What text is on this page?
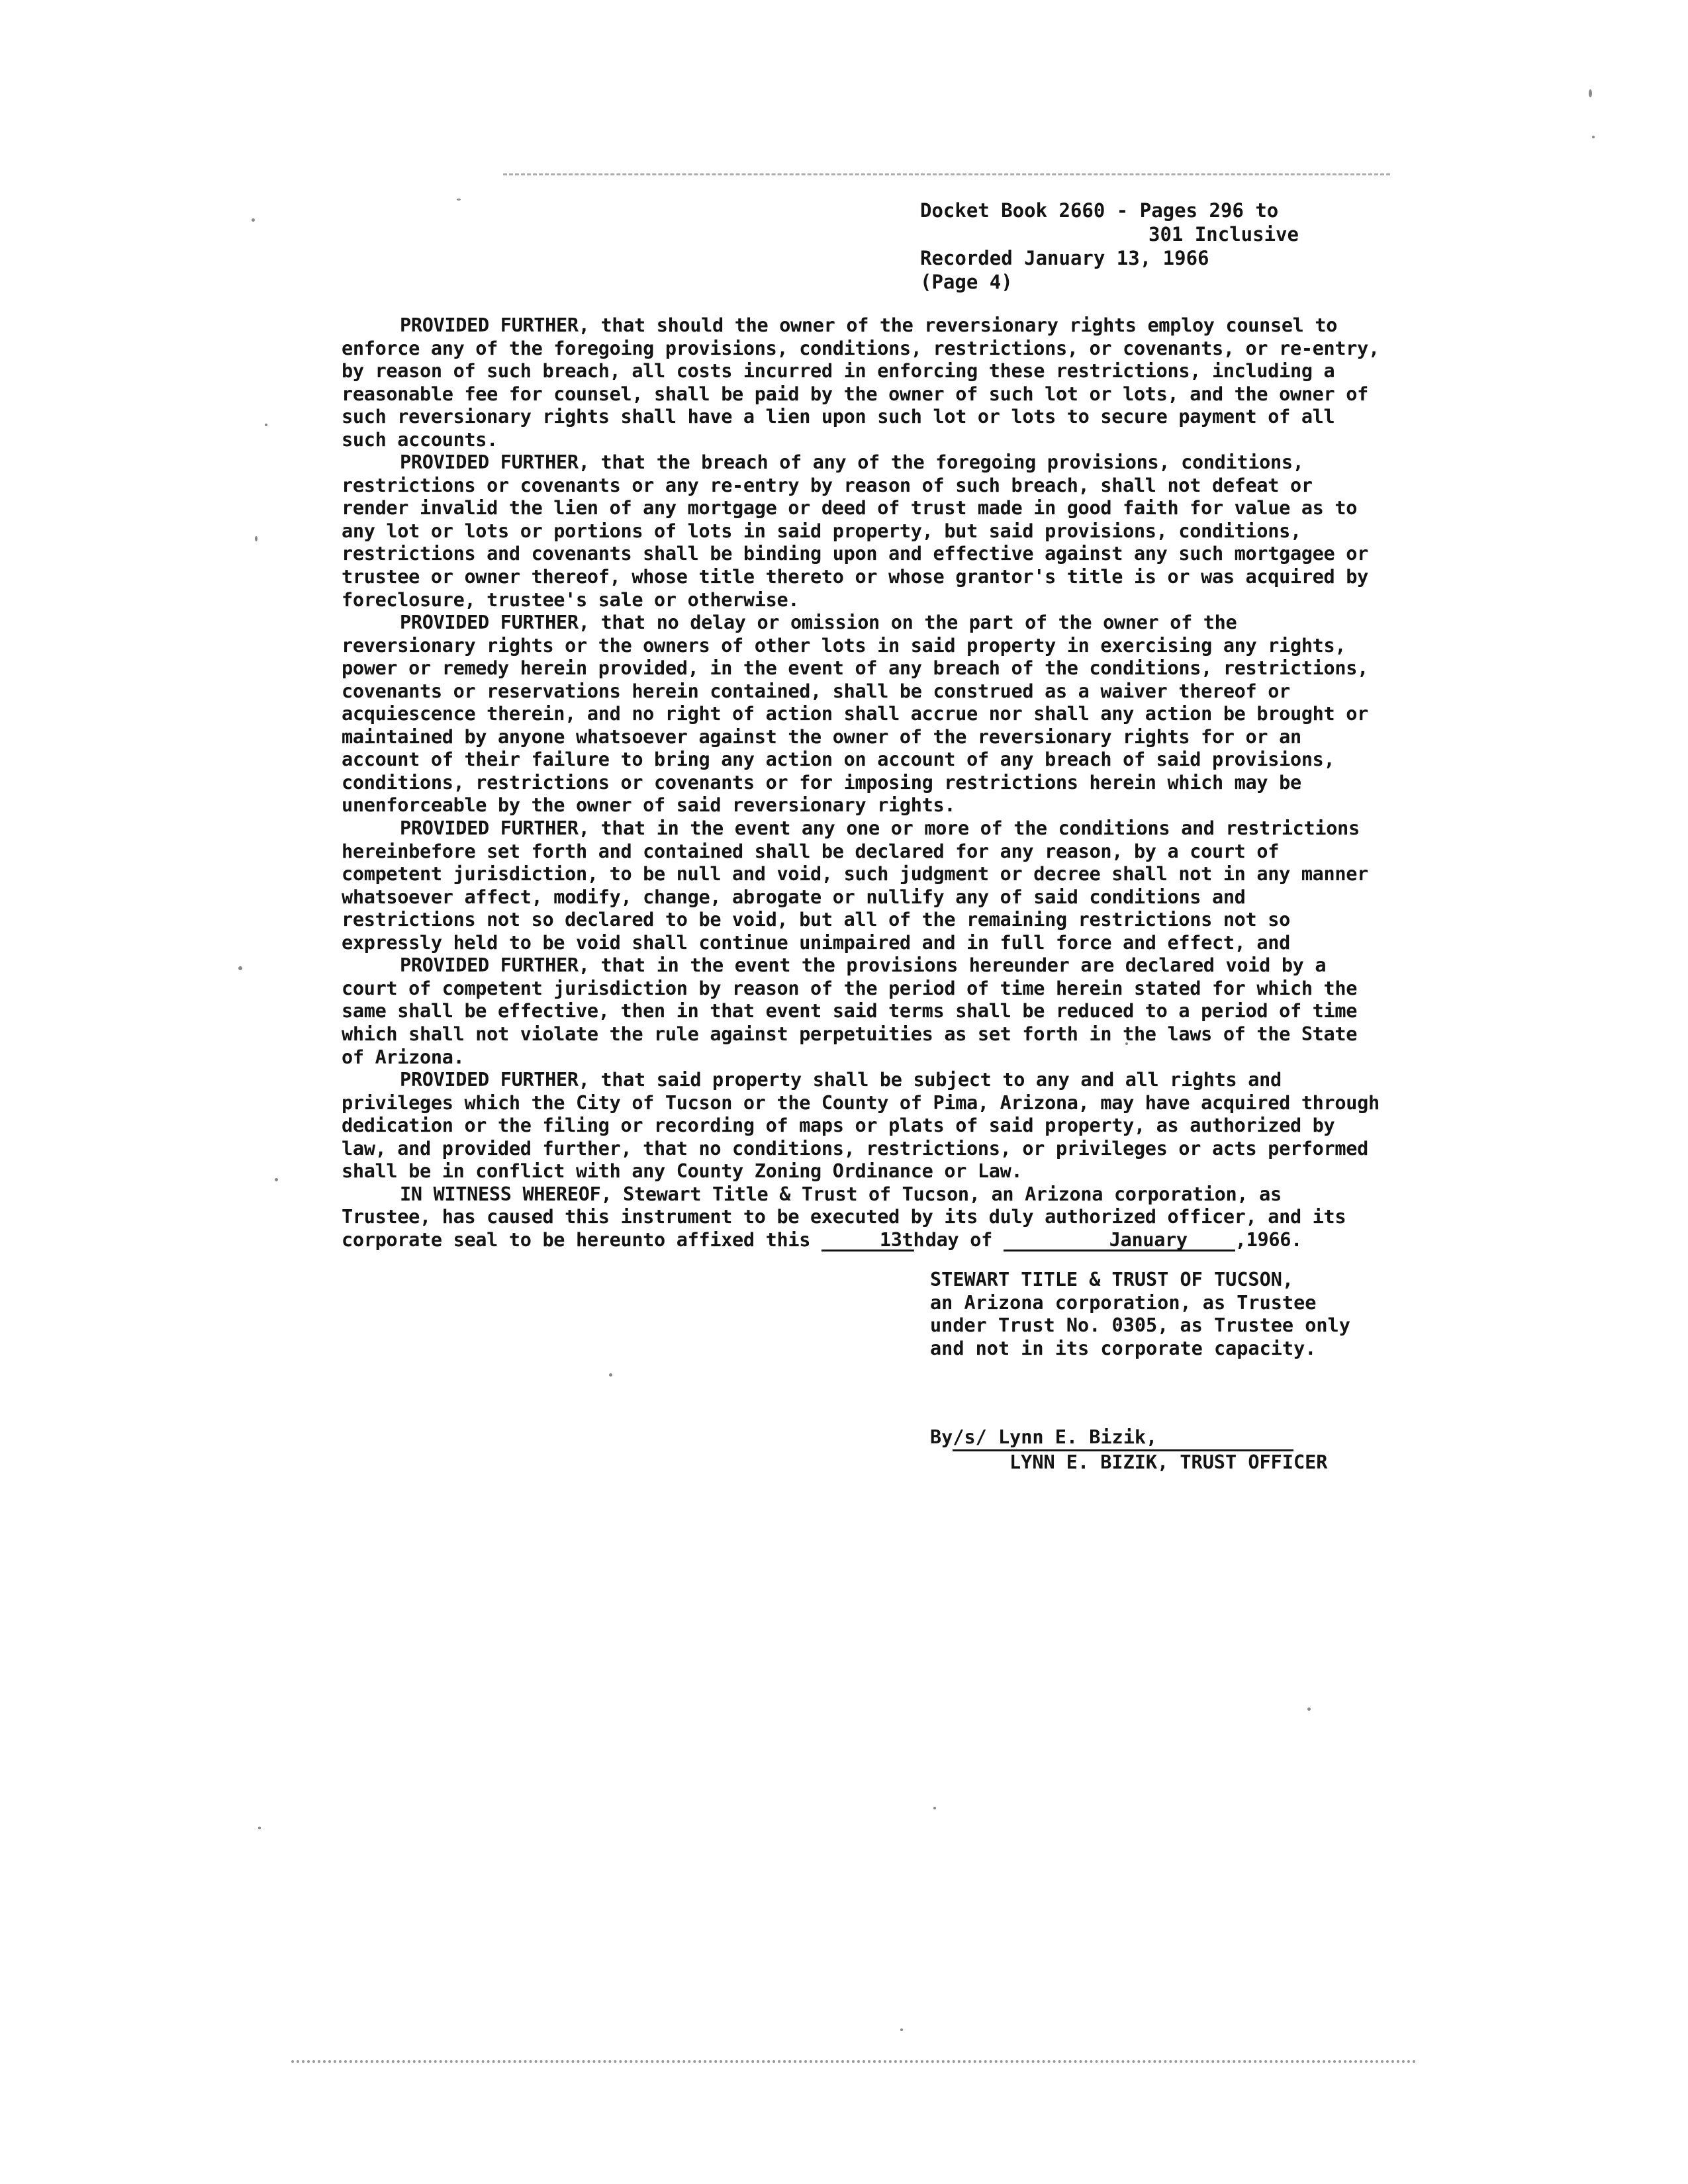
Docket Book 2660 - Pages 296 to
301 Inclusive
Recorded January 13, 1966
(Page 4)

PROVIDED FURTHER, that should the owner of the reversionary rights employ counsel to enforce any of the foregoing provisions, conditions, restrictions, or covenants, or re-entry, by reason of such breach, all costs incurred in enforcing these restrictions, including a reasonable fee for counsel, shall be paid by the owner of such lot or lots, and the owner of such reversionary rights shall have a lien upon such lot or lots to secure payment of all such accounts.

PROVIDED FURTHER, that the breach of any of the foregoing provisions, conditions, restrictions or covenants or any re-entry by reason of such breach, shall not defeat or render invalid the lien of any mortgage or deed of trust made in good faith for value as to any lot or lots or portions of lots in said property, but said provisions, conditions, restrictions and covenants shall be binding upon and effective against any such mortgagee or trustee or owner thereof, whose title thereto or whose grantor's title is or was acquired by foreclosure, trustee's sale or otherwise.

PROVIDED FURTHER, that no delay or omission on the part of the owner of the reversionary rights or the owners of other lots in said property in exercising any rights, power or remedy herein provided, in the event of any breach of the conditions, restrictions, covenants or reservations herein contained, shall be construed as a waiver thereof or acquiescence therein, and no right of action shall accrue nor shall any action be brought or maintained by anyone whatsoever against the owner of the reversionary rights for or an account of their failure to bring any action on account of any breach of said provisions, conditions, restrictions or covenants or for imposing restrictions herein which may be unenforceable by the owner of said reversionary rights.

PROVIDED FURTHER, that in the event any one or more of the conditions and restrictions hereinbefore set forth and contained shall be declared for any reason, by a court of competent jurisdiction, to be null and void, such judgment or decree shall not in any manner whatsoever affect, modify, change, abrogate or nullify any of said conditions and restrictions not so declared to be void, but all of the remaining restrictions not so expressly held to be void shall continue unimpaired and in full force and effect, and

PROVIDED FURTHER, that in the event the provisions hereunder are declared void by a court of competent jurisdiction by reason of the period of time herein stated for which the same shall be effective, then in that event said terms shall be reduced to a period of time which shall not violate the rule against perpetuities as set forth in the laws of the State of Arizona.

PROVIDED FURTHER, that said property shall be subject to any and all rights and privileges which the City of Tucson or the County of Pima, Arizona, may have acquired through dedication or the filing or recording of maps or plats of said property, as authorized by law, and provided further, that no conditions, restrictions, or privileges or acts performed shall be in conflict with any County Zoning Ordinance or Law.

IN WITNESS WHEREOF, Stewart Title & Trust of Tucson, an Arizona corporation, as Trustee, has caused this instrument to be executed by its duly authorized officer, and its corporate seal to be hereunto affixed this	13th day of	January	,1966.

STEWART TITLE & TRUST OF TUCSON,
an Arizona corporation, as Trustee
under Trust No. 0305, as Trustee only
and not in its corporate capacity.
By/s/ Lynn E. Bizik,
LYNN E. BIZIK, TRUST OFFICER
